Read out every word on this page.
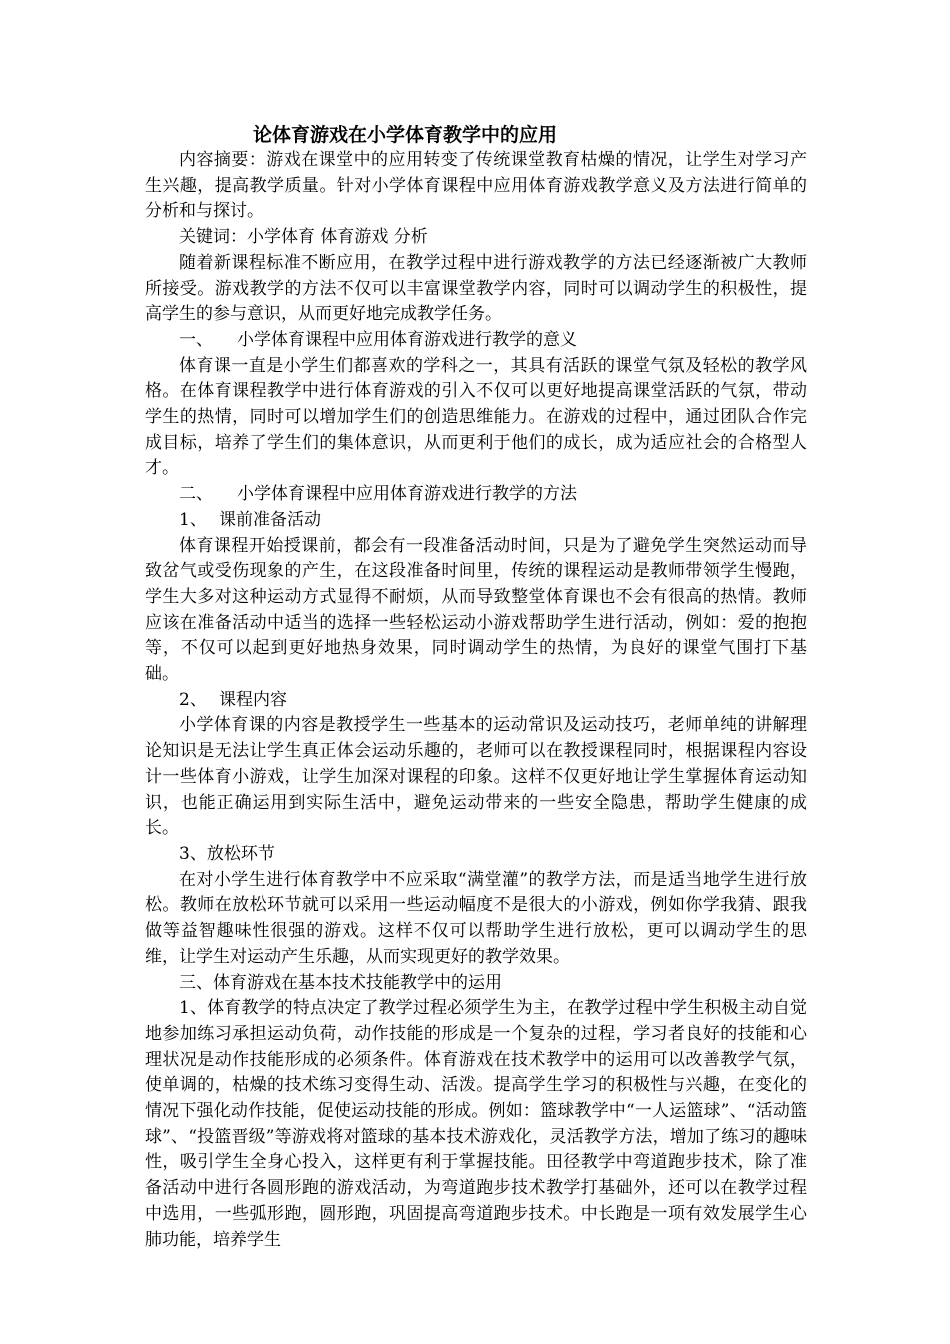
论体育游戏在小学体育教学中的应用

内容摘要：游戏在课堂中的应用转变了传统课堂教育枯燥的情况，让学生对学习产生兴趣，提高教学质量。针对小学体育课程中应用体育游戏教学意义及方法进行简单的分析和与探讨。

关键词：小学体育 体育游戏 分析

随着新课程标准不断应用，在教学过程中进行游戏教学的方法已经逐渐被广大教师所接受。游戏教学的方法不仅可以丰富课堂教学内容，同时可以调动学生的积极性，提高学生的参与意识，从而更好地完成教学任务。

一、 小学体育课程中应用体育游戏进行教学的意义

体育课一直是小学生们都喜欢的学科之一，其具有活跃的课堂气氛及轻松的教学风格。在体育课程教学中进行体育游戏的引入不仅可以更好地提高课堂活跃的气氛，带动学生的热情，同时可以增加学生们的创造思维能力。在游戏的过程中，通过团队合作完成目标，培养了学生们的集体意识，从而更利于他们的成长，成为适应社会的合格型人才。

二、 小学体育课程中应用体育游戏进行教学的方法

1、 课前准备活动

体育课程开始授课前，都会有一段准备活动时间，只是为了避免学生突然运动而导致岔气或受伤现象的产生，在这段准备时间里，传统的课程运动是教师带领学生慢跑，学生大多对这种运动方式显得不耐烦，从而导致整堂体育课也不会有很高的热情。教师应该在准备活动中适当的选择一些轻松运动小游戏帮助学生进行活动，例如：爱的抱抱等，不仅可以起到更好地热身效果，同时调动学生的热情，为良好的课堂气围打下基础。

2、 课程内容

小学体育课的内容是教授学生一些基本的运动常识及运动技巧，老师单纯的讲解理论知识是无法让学生真正体会运动乐趣的，老师可以在教授课程同时，根据课程内容设计一些体育小游戏，让学生加深对课程的印象。这样不仅更好地让学生掌握体育运动知识，也能正确运用到实际生活中，避免运动带来的一些安全隐患，帮助学生健康的成长。

3、放松环节

在对小学生进行体育教学中不应采取“满堂灌”的教学方法，而是适当地学生进行放松。教师在放松环节就可以采用一些运动幅度不是很大的小游戏，例如你学我猜、跟我做等益智趣味性很强的游戏。这样不仅可以帮助学生进行放松，更可以调动学生的思维，让学生对运动产生乐趣，从而实现更好的教学效果。

三、体育游戏在基本技术技能教学中的运用

1、体育教学的特点决定了教学过程必须学生为主，在教学过程中学生积极主动自觉地参加练习承担运动负荷，动作技能的形成是一个复杂的过程，学习者良好的技能和心理状况是动作技能形成的必须条件。体育游戏在技术教学中的运用可以改善教学气氛，使单调的，枯燥的技术练习变得生动、活泼。提高学生学习的积极性与兴趣，在变化的情况下强化动作技能，促使运动技能的形成。例如：篮球教学中“一人运篮球”、“活动篮球”、“投篮晋级”等游戏将对篮球的基本技术游戏化，灵活教学方法，增加了练习的趣味性，吸引学生全身心投入，这样更有利于掌握技能。田径教学中弯道跑步技术，除了准备活动中进行各圆形跑的游戏活动，为弯道跑步技术教学打基础外，还可以在教学过程中选用，一些弧形跑，圆形跑，巩固提高弯道跑步技术。中长跑是一项有效发展学生心肺功能，培养学生
